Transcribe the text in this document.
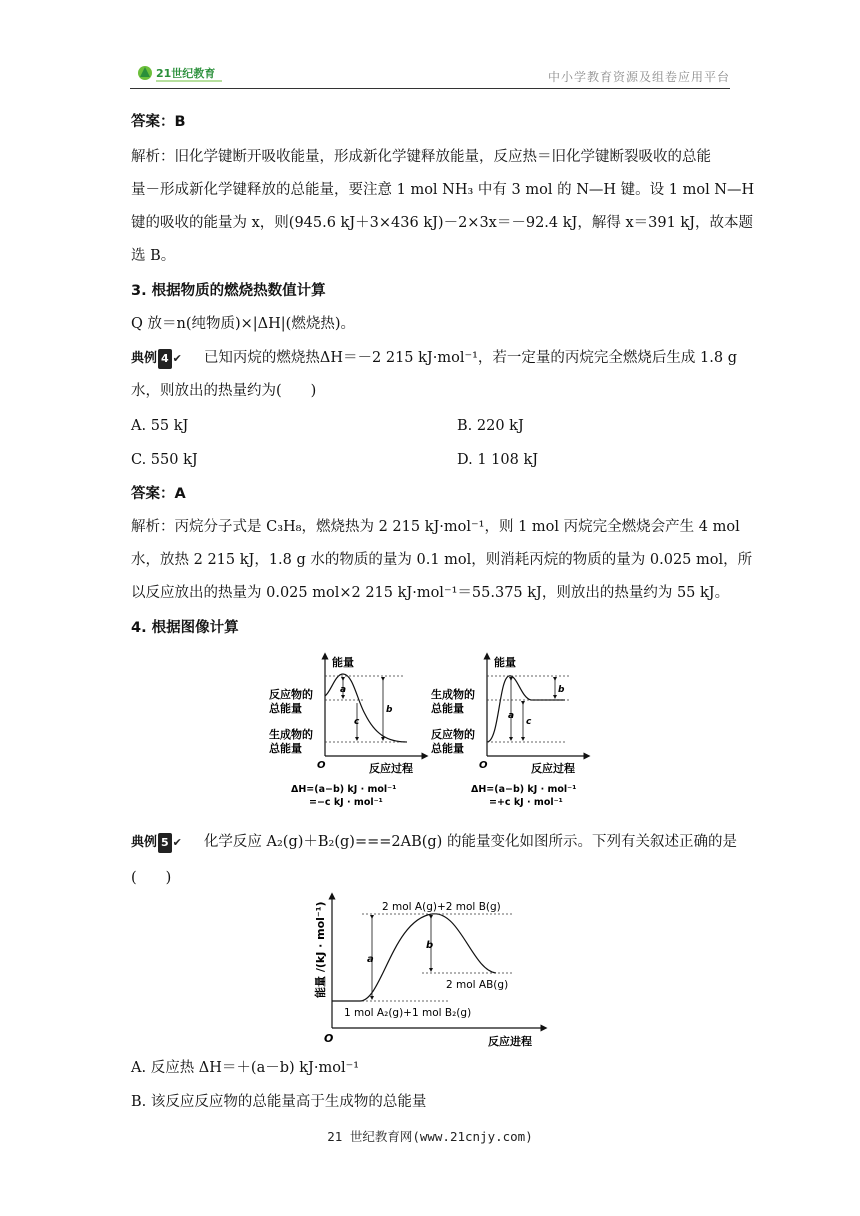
21世纪教育	中小学教育资源及组卷应用平台
答案：B
解析：旧化学键断开吸收能量，形成新化学键释放能量，反应热＝旧化学键断裂吸收的总能
量－形成新化学键释放的总能量，要注意 1 mol NH₃ 中有 3 mol 的 N—H 键。设 1 mol N—H
键的吸收的能量为 x，则(945.6 kJ＋3×436 kJ)－2×3x＝－92.4 kJ，解得 x＝391 kJ，故本题
选 B。
3. 根据物质的燃烧热数值计算
Q 放＝n(纯物质)×|ΔH|(燃烧热)。
典例 4 ✔ 已知丙烷的燃烧热ΔH＝－2 215 kJ·mol⁻¹，若一定量的丙烷完全燃烧后生成 1.8 g
水，则放出的热量约为(　　)
A. 55 kJ	B. 220 kJ
C. 550 kJ	D. 1 108 kJ
答案：A
解析：丙烷分子式是 C₃H₈，燃烧热为 2 215 kJ·mol⁻¹，则 1 mol 丙烷完全燃烧会产生 4 mol
水，放热 2 215 kJ，1.8 g 水的物质的量为 0.1 mol，则消耗丙烷的物质的量为 0.025 mol，所
以反应放出的热量为 0.025 mol×2 215 kJ·mol⁻¹＝55.375 kJ，则放出的热量约为 55 kJ。
4. 根据图像计算
能量
O	反应过程
a
c
b
反应物的
总能量
生成物的
总能量
ΔH=(a−b) kJ · mol⁻¹
=−c kJ · mol⁻¹
能量
O	反应过程
a
c
b
生成物的
总能量
反应物的
总能量
ΔH=(a−b) kJ · mol⁻¹
=+c kJ · mol⁻¹
典例 5 ✔ 化学反应 A₂(g)＋B₂(g)===2AB(g) 的能量变化如图所示。下列有关叙述正确的是
(　　)
O	反应进程
能量 /(kJ · mol⁻¹)	a
b
2 mol A(g)+2 mol B(g)
2 mol AB(g)
1 mol A₂(g)+1 mol B₂(g)
A. 反应热 ΔH＝＋(a－b) kJ·mol⁻¹
B. 该反应反应物的总能量高于生成物的总能量
21 世纪教育网(www.21cnjy.com)
